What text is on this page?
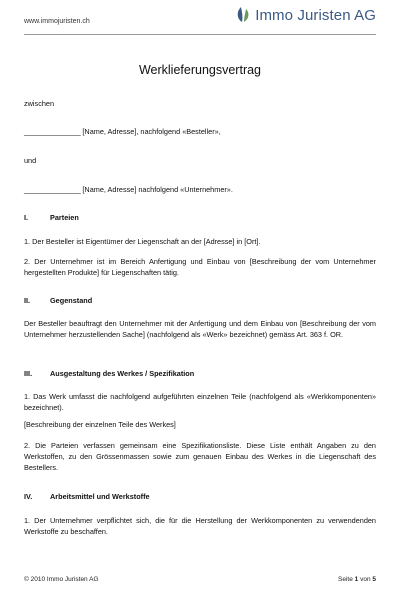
www.immojuristen.ch	Immo Juristen AG
Werklieferungsvertrag
zwischen
_______________ [Name, Adresse], nachfolgend «Besteller»,
und
_______________ [Name, Adresse] nachfolgend «Unternehmer».
I.	Parteien
1. Der Besteller ist Eigentümer der Liegenschaft an der [Adresse] in [Ort].
2. Der Unternehmer ist im Bereich Anfertigung und Einbau von [Beschreibung der vom Unternehmer hergestellten Produkte] für Liegenschaften tätig.
II.	Gegenstand
Der Besteller beauftragt den Unternehmer mit der Anfertigung und dem Einbau von [Beschreibung der vom Unternehmer herzustellenden Sache] (nachfolgend als «Werk» bezeichnet) gemäss Art. 363 f. OR.
III. Ausgestaltung des Werkes / Spezifikation
1. Das Werk umfasst die nachfolgend aufgeführten einzelnen Teile (nachfolgend als «Werkkomponenten» bezeichnet).
[Beschreibung der einzelnen Teile des Werkes]
2. Die Parteien verfassen gemeinsam eine Spezifikationsliste. Diese Liste enthält Angaben zu den Werkstoffen, zu den Grössenmassen sowie zum genauen Einbau des Werkes in die Liegenschaft des Bestellers.
IV. Arbeitsmittel und Werkstoffe
1. Der Unternehmer verpflichtet sich, die für die Herstellung der Werkkomponenten zu verwendenden Werkstoffe zu beschaffen.
© 2010 Immo Juristen AG	Seite 1 von 5
